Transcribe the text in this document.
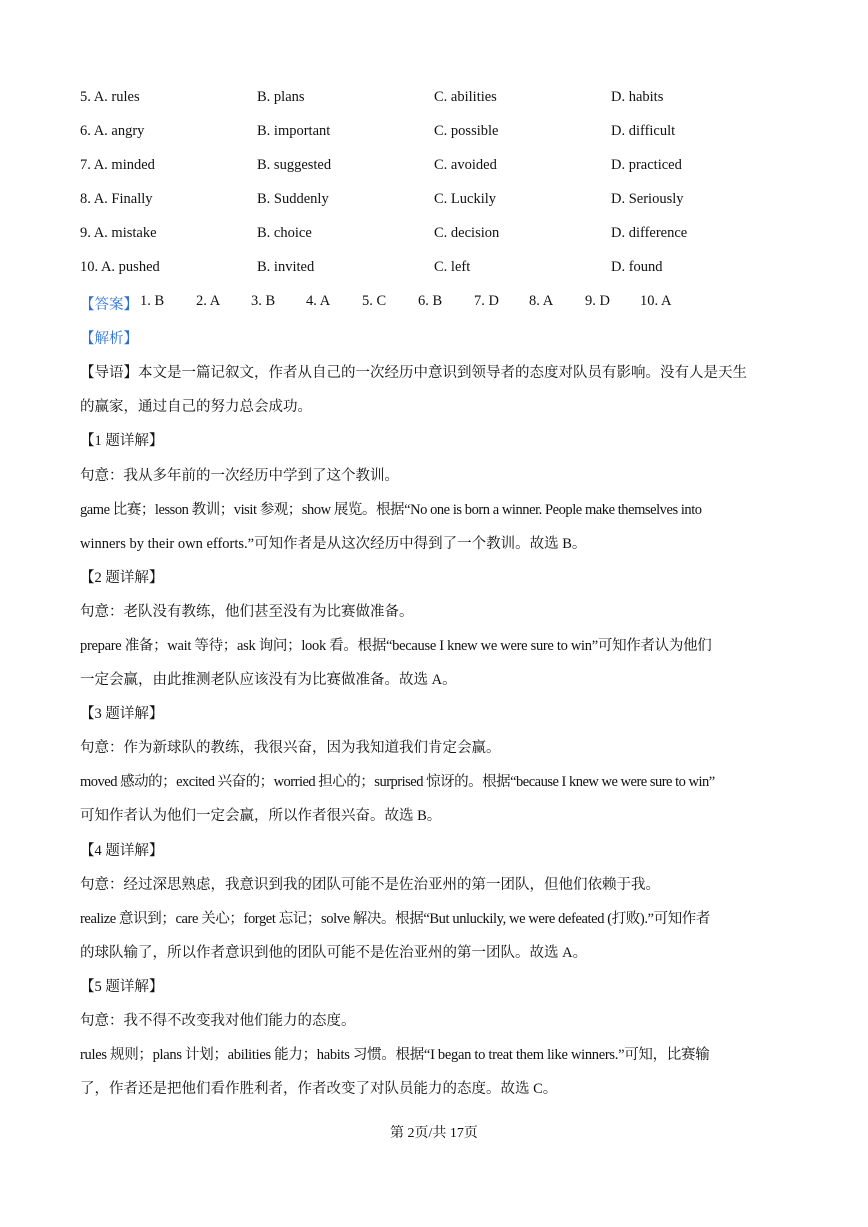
5. A. rules	B. plans	C. abilities	D. habits
6. A. angry	B. important	C. possible	D. difficult
7. A. minded	B. suggested	C. avoided	D. practiced
8. A. Finally	B. Suddenly	C. Luckily	D. Seriously
9. A. mistake	B. choice	C. decision	D. difference
10. A. pushed	B. invited	C. left	D. found
【答案】 1. B 2. A 3. B 4. A 5. C 6. B 7. D 8. A 9. D 10. A
【解析】
【导语】本文是一篇记叙文，作者从自己的一次经历中意识到领导者的态度对队员有影响。没有人是天生
的赢家，通过自己的努力总会成功。
【1 题详解】
句意：我从多年前的一次经历中学到了这个教训。
game 比赛；lesson 教训；visit 参观；show 展览。根据“No one is born a winner. People make themselves into
winners by their own efforts.”可知作者是从这次经历中得到了一个教训。故选 B。
【2 题详解】
句意：老队没有教练，他们甚至没有为比赛做准备。
prepare 准备；wait 等待；ask 询问；look 看。根据“because I knew we were sure to win”可知作者认为他们
一定会赢，由此推测老队应该没有为比赛做准备。故选 A。
【3 题详解】
句意：作为新球队的教练，我很兴奋，因为我知道我们肯定会赢。
moved 感动的；excited 兴奋的；worried 担心的；surprised 惊讶的。根据“because I knew we were sure to win”
可知作者认为他们一定会赢，所以作者很兴奋。故选 B。
【4 题详解】
句意：经过深思熟虑，我意识到我的团队可能不是佐治亚州的第一团队，但他们依赖于我。
realize 意识到；care 关心；forget 忘记；solve 解决。根据“But unluckily, we were defeated (打败).”可知作者
的球队输了，所以作者意识到他的团队可能不是佐治亚州的第一团队。故选 A。
【5 题详解】
句意：我不得不改变我对他们能力的态度。
rules 规则；plans 计划；abilities 能力；habits 习惯。根据“I began to treat them like winners.”可知，比赛输
了，作者还是把他们看作胜利者，作者改变了对队员能力的态度。故选 C。
第 2页/共 17页
